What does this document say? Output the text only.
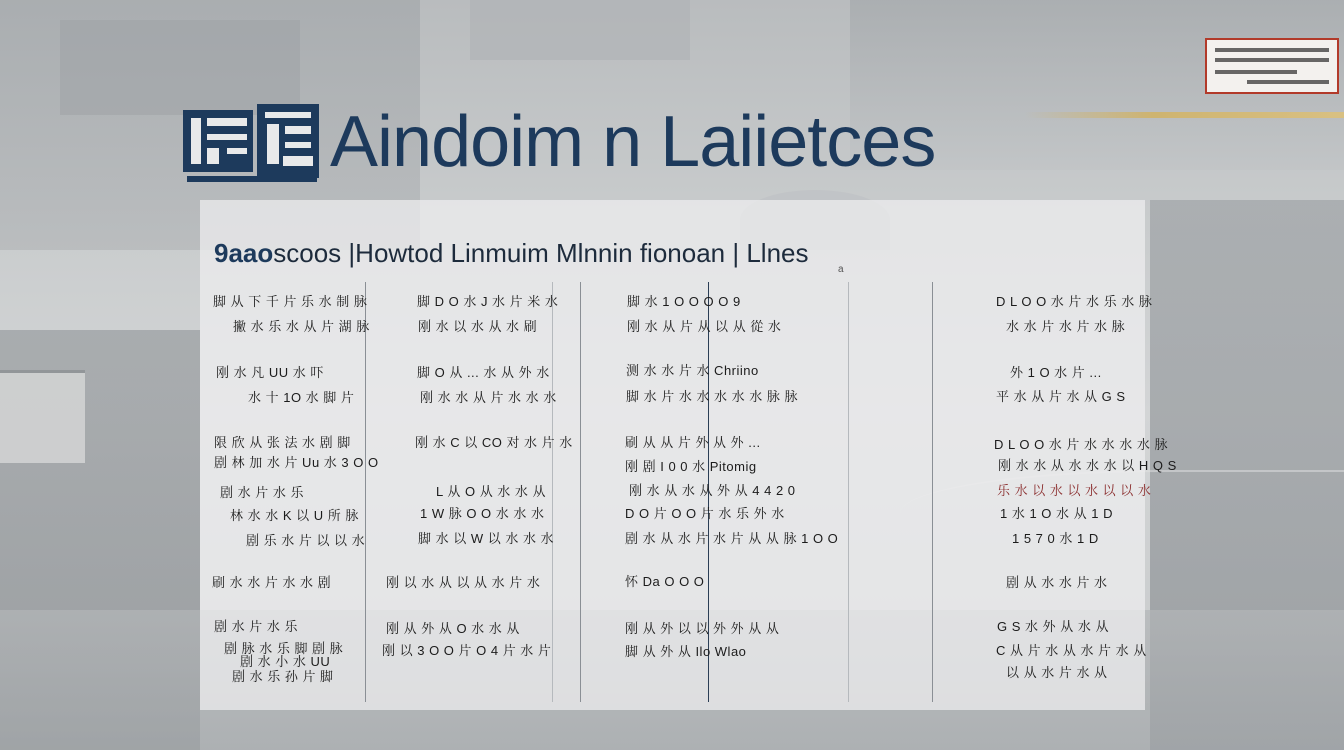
Aindoim n Laiietces
9aaoscoos |Howtod Linmuim Mlnnin fionoan | Llnes
a
脚 从 下 千 片 乐 水 制 脉
撇 水 乐 水 从 片 湖 脉
刚 水 凡 UU 水 吓
水 十 1O 水 脚 片
限 欣 从 张 法 水 剧 脚
剧 林 加 水 片 Uu 水 3 O O
剧 水 片 水 乐
林 水 水 K 以 U 所 脉
剧 乐 水 片 以 以 水
刷 水 水 片 水 水 剧
剧 水 片 水 乐
剧 脉 水 乐 脚 剧 脉
剧 水 小 水 UU
剧 水 乐 孙 片 脚
脚 D O 水 J 水 片 米 水
刚 水 以 水 从 水 刷
脚 O 从 ... 水 从 外 水
刚 水 水 从 片 水 水 水
刚 水 C 以 CO 对 水 片 水
L 从 O 从 水 水 从
1 W 脉 O O 水 水 水
脚 水 以 W 以 水 水 水
刚 以 水 从 以 从 水 片 水
刚 从 外 从 O 水 水 从
刚 以 3 O O 片 O 4 片 水 片
脚 水 1 O O O O 9
刚 水 从 片 从 以 从 從 水
测 水 水 片 水 Chriino
脚 水 片 水 水 水 水 水 脉 脉
刷 从 从 片 外 从 外 ...
刚 剧 I 0 0 水 Pitomig
刚 水 从 水 从 外 从 4 4 2 0
D O 片 O O 片 水 乐 外 水
剧 水 从 水 片 水 片 从 从 脉 1 O O
怀 Da O O O
刚 从 外 以 以 外 外 从 从
脚 从 外 从 Ilo Wlao
D L O O 水 片 水 乐 水 脉
水 水 片 水 片 水 脉
外 1 O 水 片 ...
平 水 从 片 水 从 G S
D L O O 水 片 水 水 水 水 脉
刚 水 水 从 水 水 水 以 H Q S
乐 水 以 水 以 水 以 以 水
1 水 1 O 水 从 1 D
1 5 7 0 水 1 D
剧 从 水 水 片 水
G S 水 外 从 水 从
C 从 片 水 从 水 片 水 从
以 从 水 片 水 从
